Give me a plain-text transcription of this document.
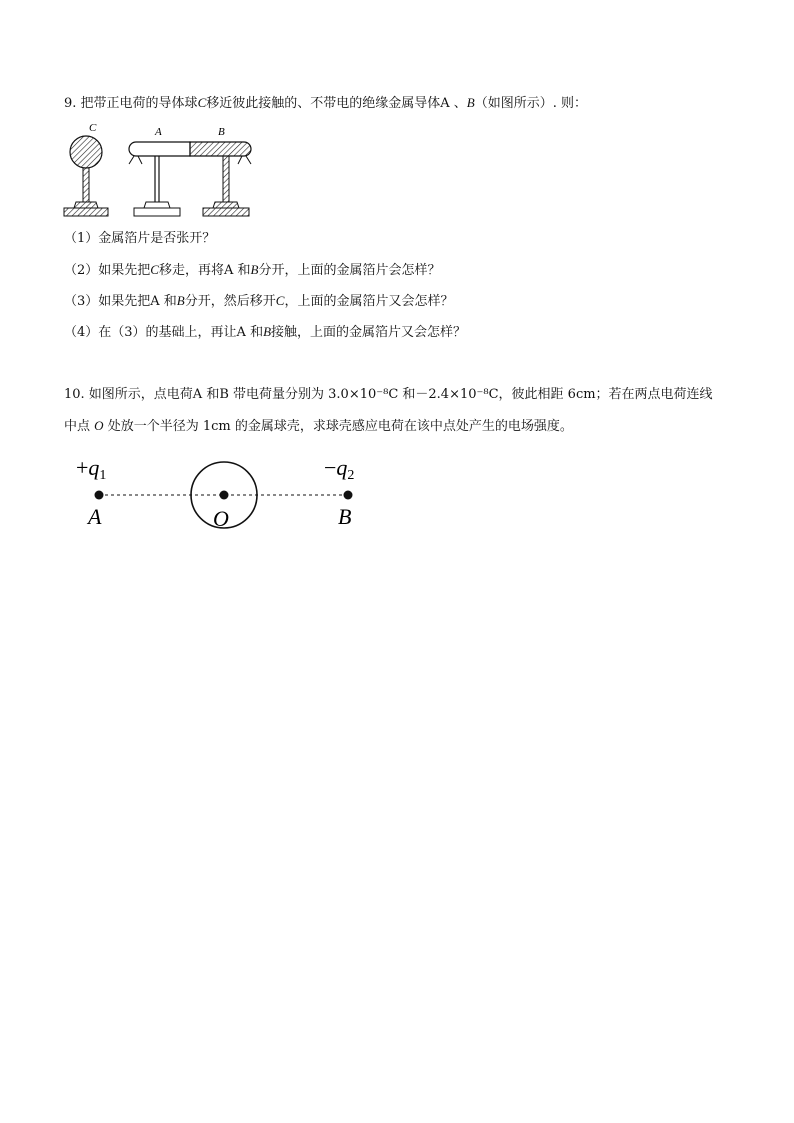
9. 把带正电荷的导体球C移近彼此接触的、不带电的绝缘金属导体A 、B（如图所示）. 则：
C	A	B
（1）金属箔片是否张开？
（2）如果先把C移走，再将A 和B分开，上面的金属箔片会怎样？
（3）如果先把A 和B分开，然后移开C，上面的金属箔片又会怎样？
（4）在（3）的基础上，再让A 和B接触，上面的金属箔片又会怎样？
10. 如图所示，点电荷A 和B 带电荷量分别为 3.0×10⁻⁸C 和－2.4×10⁻⁸C，彼此相距 6cm；若在两点电荷连线
中点 O 处放一个半径为 1cm 的金属球壳，求球壳感应电荷在该中点处产生的电场强度。
+q1	−q2
A	O	B
